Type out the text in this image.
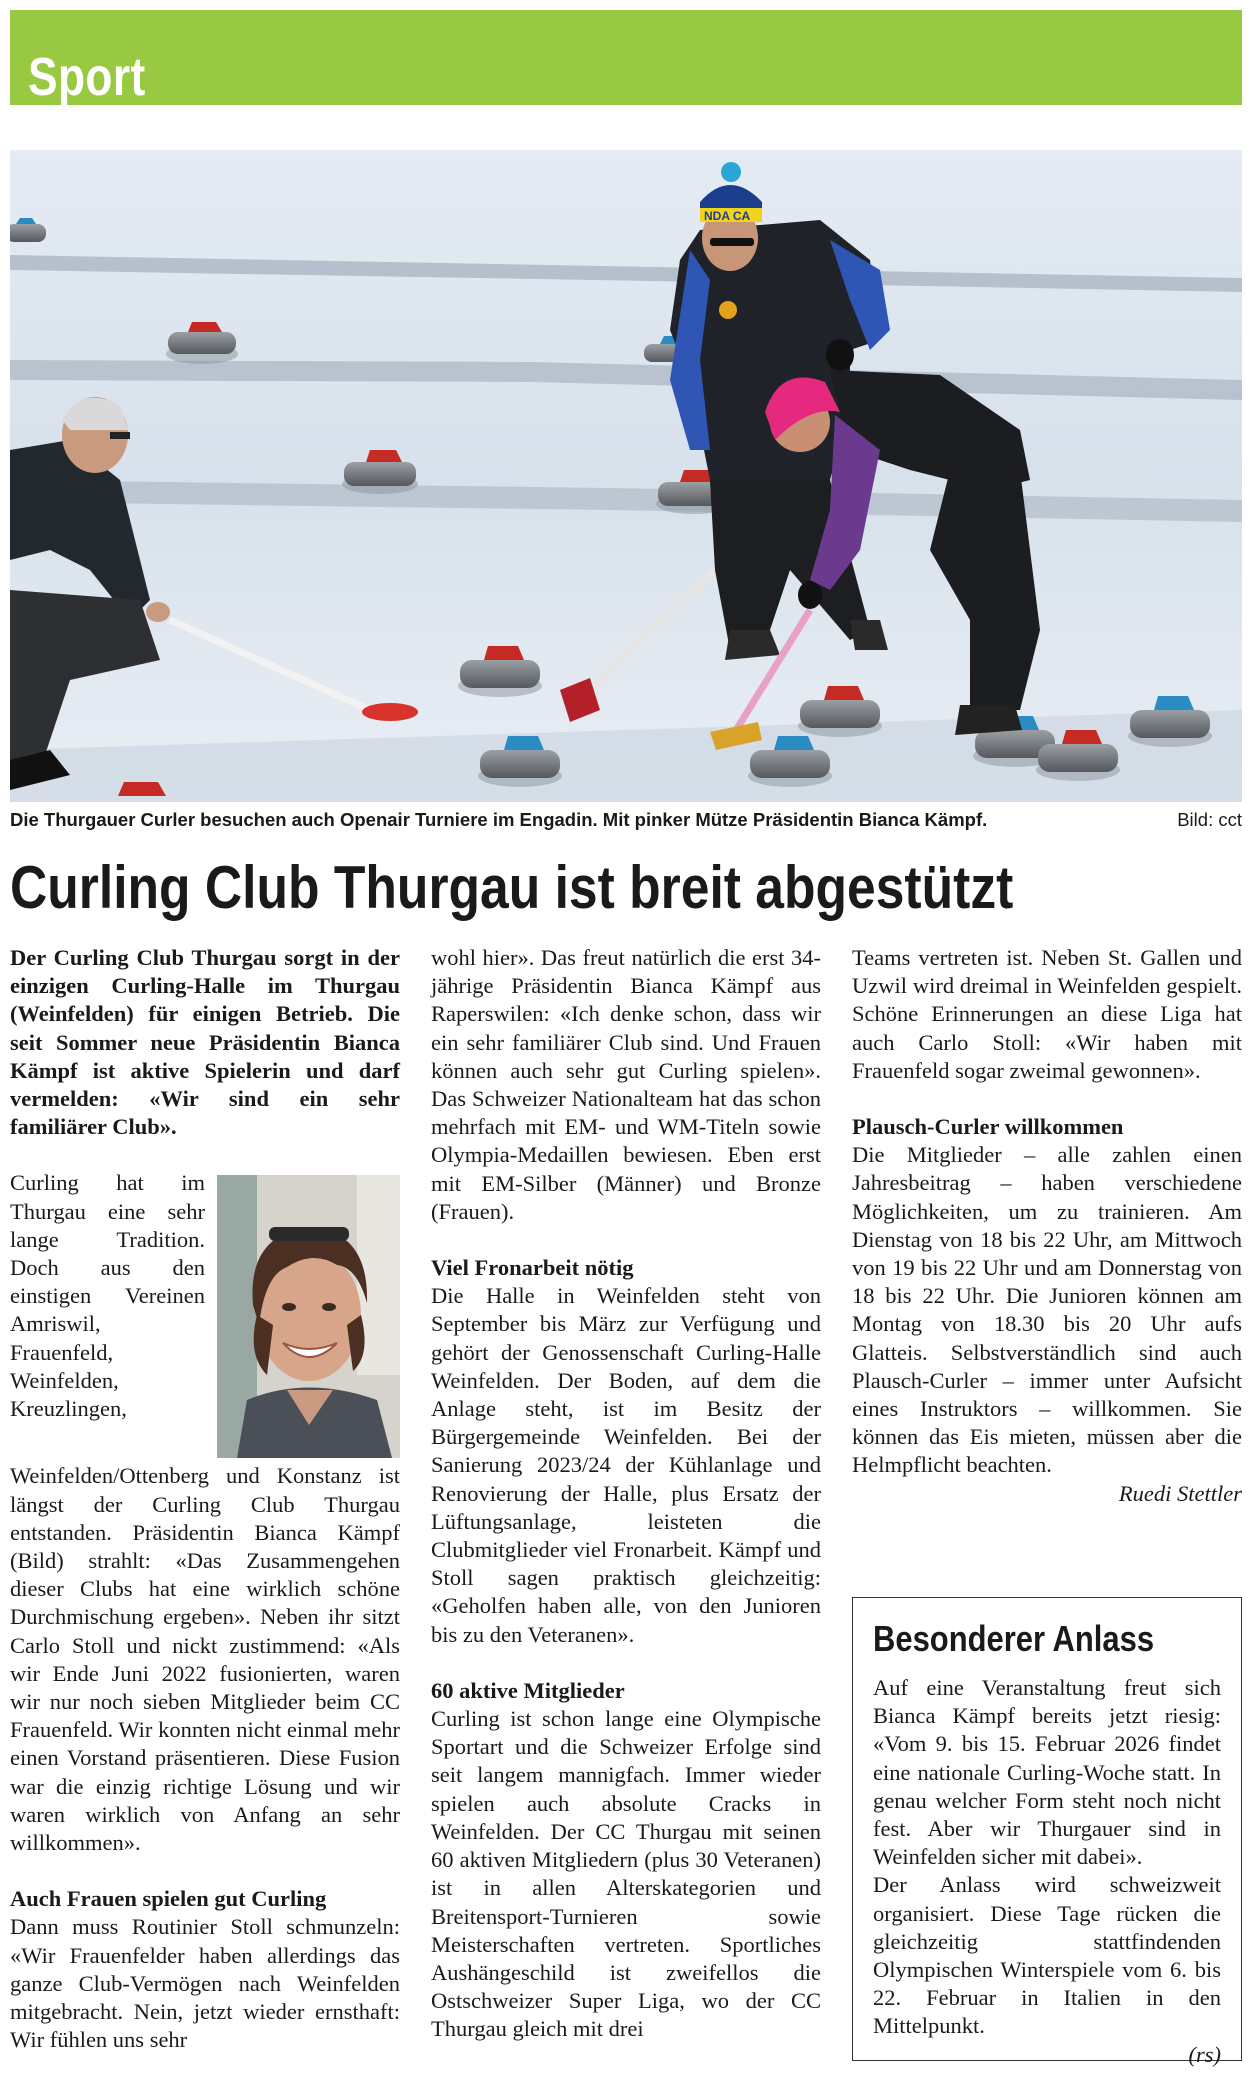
Sport
NDA CA
Die Thurgauer Curler besuchen auch Openair Turniere im Engadin. Mit pinker Mütze Präsidentin Bianca Kämpf.	Bild: cct
Curling Club Thurgau ist breit abgestützt

Der Curling Club Thurgau sorgt in der einzigen Curling-Halle im Thurgau (Weinfelden) für einigen Betrieb. Die seit Sommer neue Präsidentin Bianca Kämpf ist aktive Spielerin und darf vermelden: «Wir sind ein sehr familiärer Club».

Curling hat im Thurgau eine sehr lange Tradition. Doch aus den einstigen Vereinen Amriswil, Frauenfeld, Weinfelden, Kreuzlingen, Weinfelden/Ottenberg und Konstanz ist längst der Curling Club Thurgau entstanden. Präsidentin Bianca Kämpf (Bild) strahlt: «Das Zusammengehen dieser Clubs hat eine wirklich schöne Durchmischung ergeben». Neben ihr sitzt Carlo Stoll und nickt zustimmend: «Als wir Ende Juni 2022 fusionierten, waren wir nur noch sieben Mitglieder beim CC Frauenfeld. Wir konnten nicht einmal mehr einen Vorstand präsentieren. Diese Fusion war die einzig richtige Lösung und wir waren wirklich von Anfang an sehr willkommen».

Auch Frauen spielen gut Curling

Dann muss Routinier Stoll schmunzeln: «Wir Frauenfelder haben allerdings das ganze Club-Vermögen nach Weinfelden mitgebracht. Nein, jetzt wieder ernsthaft: Wir fühlen uns sehr

wohl hier». Das freut natürlich die erst 34-jährige Präsidentin Bianca Kämpf aus Raperswilen: «Ich denke schon, dass wir ein sehr familiärer Club sind. Und Frauen können auch sehr gut Curling spielen». Das Schweizer Nationalteam hat das schon mehrfach mit EM- und WM-Titeln sowie Olympia-Medaillen bewiesen. Eben erst mit EM-Silber (Männer) und Bronze (Frauen).

Viel Fronarbeit nötig

Die Halle in Weinfelden steht von September bis März zur Verfügung und gehört der Genossenschaft Curling-Halle Weinfelden. Der Boden, auf dem die Anlage steht, ist im Besitz der Bürgergemeinde Weinfelden. Bei der Sanierung 2023/24 der Kühlanlage und Renovierung der Halle, plus Ersatz der Lüftungsanlage, leisteten die Clubmitglieder viel Fronarbeit. Kämpf und Stoll sagen praktisch gleichzeitig: «Geholfen haben alle, von den Junioren bis zu den Veteranen».

60 aktive Mitglieder

Curling ist schon lange eine Olympische Sportart und die Schweizer Erfolge sind seit langem mannigfach. Immer wieder spielen auch absolute Cracks in Weinfelden. Der CC Thurgau mit seinen 60 aktiven Mitgliedern (plus 30 Veteranen) ist in allen Alterskategorien und Breitensport-Turnieren sowie Meisterschaften vertreten. Sportliches Aushängeschild ist zweifellos die Ostschweizer Super Liga, wo der CC Thurgau gleich mit drei

Teams vertreten ist. Neben St. Gallen und Uzwil wird dreimal in Weinfelden gespielt. Schöne Erinnerungen an diese Liga hat auch Carlo Stoll: «Wir haben mit Frauenfeld sogar zweimal gewonnen».

Plausch-Curler willkommen

Die Mitglieder – alle zahlen einen Jahresbeitrag – haben verschiedene Möglichkeiten, um zu trainieren. Am Dienstag von 18 bis 22 Uhr, am Mittwoch von 19 bis 22 Uhr und am Donnerstag von 18 bis 22 Uhr. Die Junioren können am Montag von 18.30 bis 20 Uhr aufs Glatteis. Selbstverständlich sind auch Plausch-Curler – immer unter Aufsicht eines Instruktors – willkommen. Sie können das Eis mieten, müssen aber die Helmpflicht beachten.

Ruedi Stettler

Besonderer Anlass

Auf eine Veranstaltung freut sich Bianca Kämpf bereits jetzt riesig: «Vom 9. bis 15. Februar 2026 findet eine nationale Curling-Woche statt. In genau welcher Form steht noch nicht fest. Aber wir Thurgauer sind in Weinfelden sicher mit dabei».

Der Anlass wird schweizweit organisiert. Diese Tage rücken die gleichzeitig stattfindenden Olympischen Winterspiele vom 6. bis 22. Februar in Italien in den Mittelpunkt.

(rs)
